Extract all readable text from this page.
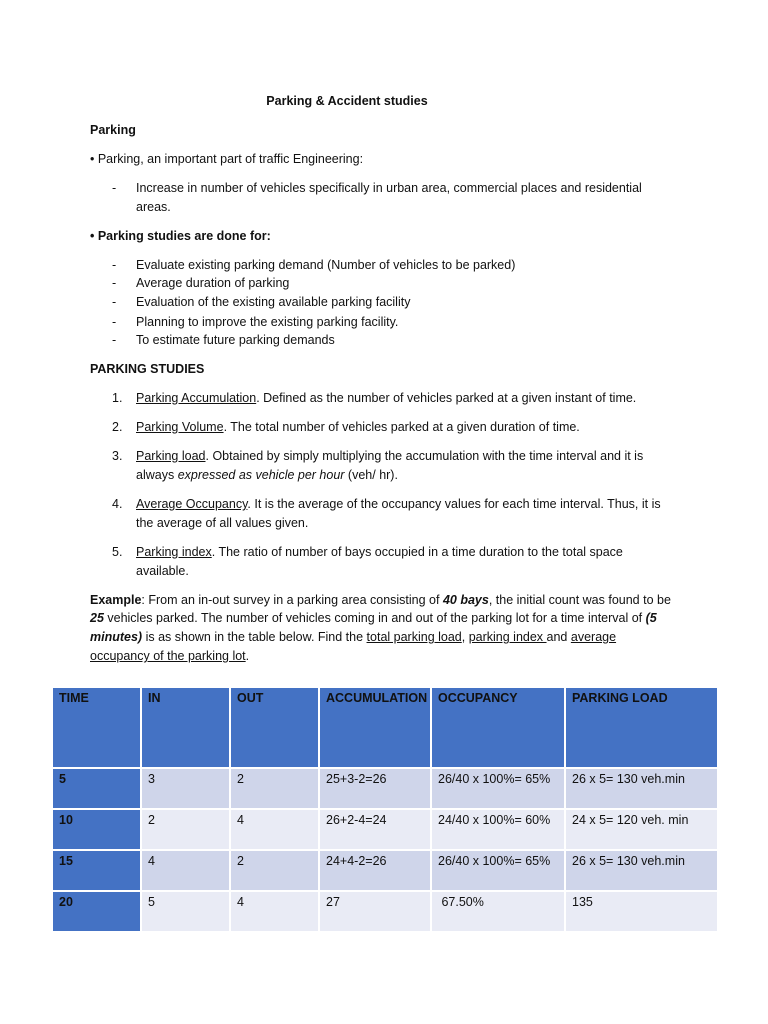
Parking & Accident studies
Parking
• Parking, an important part of traffic Engineering:
- Increase in number of vehicles specifically in urban area, commercial places and residential
areas.
• Parking studies are done for:
- Evaluate existing parking demand (Number of vehicles to be parked)
- Average duration of parking
- Evaluation of the existing available parking facility
- Planning to improve the existing parking facility.
- To estimate future parking demands
PARKING STUDIES
1. Parking Accumulation. Defined as the number of vehicles parked at a given instant of time.
2. Parking Volume. The total number of vehicles parked at a given duration of time.
3. Parking load. Obtained by simply multiplying the accumulation with the time interval and it is
always expressed as vehicle per hour (veh/ hr).
4. Average Occupancy. It is the average of the occupancy values for each time interval. Thus, it is
the average of all values given.
5. Parking index. The ratio of number of bays occupied in a time duration to the total space
available.
Example: From an in-out survey in a parking area consisting of 40 bays, the initial count was found to be
25 vehicles parked. The number of vehicles coming in and out of the parking lot for a time interval of (5
minutes) is as shown in the table below. Find the total parking load, parking index and average
occupancy of the parking lot.
TIME	IN	OUT	ACCUMULATION	OCCUPANCY	PARKING LOAD
5	3	2	25+3-2=26	26/40 x 100%= 65%	26 x 5= 130 veh.min
10	2	4	26+2-4=24	24/40 x 100%= 60%	24 x 5= 120 veh. min
15	4	2	24+4-2=26	26/40 x 100%= 65%	26 x 5= 130 veh.min
20	5	4	27	67.50%	135
